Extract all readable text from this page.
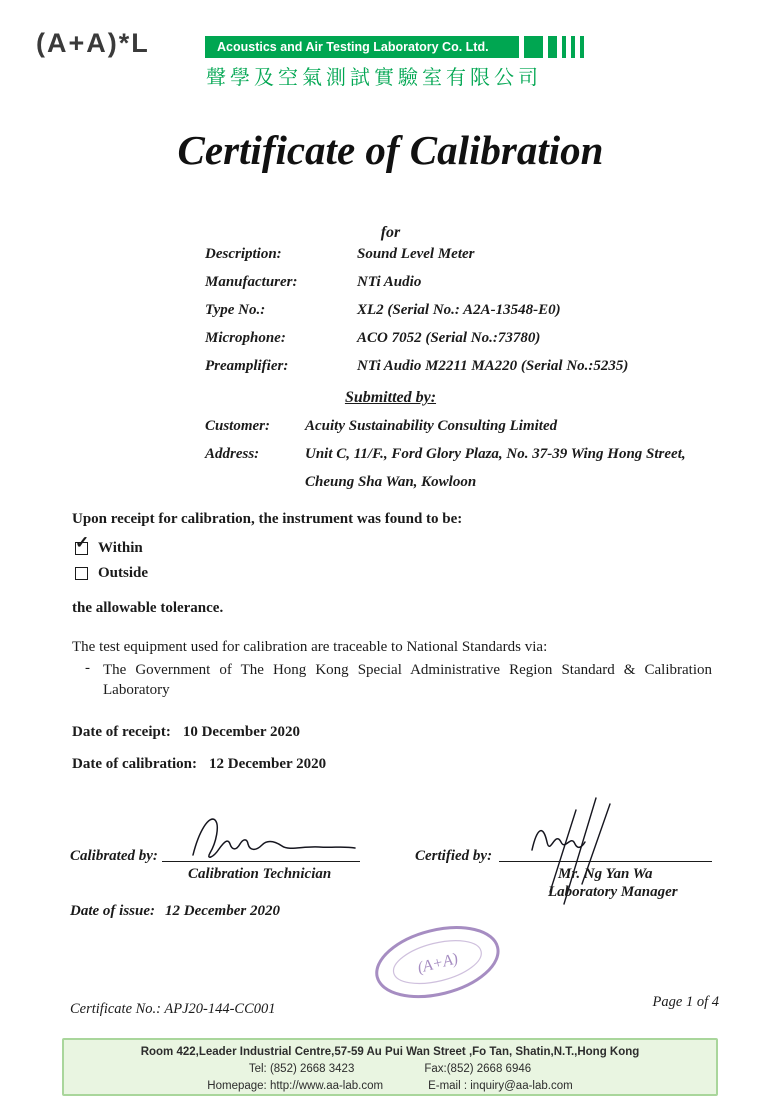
(A+A)*L	Acoustics and Air Testing Laboratory Co. Ltd.
聲學及空氣測試實驗室有限公司
Certificate of Calibration
for
Description:	Sound Level Meter
Manufacturer:	NTi Audio
Type No.:	XL2 (Serial No.: A2A-13548-E0)
Microphone:	ACO 7052 (Serial No.:73780)
Preamplifier:	NTi Audio M2211 MA220 (Serial No.:5235)
Submitted by:
Customer:	Acuity Sustainability Consulting Limited
Address:	Unit C, 11/F., Ford Glory Plaza, No. 37-39 Wing Hong Street,
Cheung Sha Wan, Kowloon
Upon receipt for calibration, the instrument was found to be:
✓ Within
Outside
the allowable tolerance.
The test equipment used for calibration are traceable to National Standards via:
- The Government of The Hong Kong Special Administrative Region Standard & Calibration Laboratory
Date of receipt: 10 December 2020
Date of calibration: 12 December 2020
Calibrated by:
Calibration Technician
Certified by:
Mr. Ng Yan Wa
Laboratory Manager
Date of issue: 12 December 2020
(A+A)
Certificate No.: APJ20-144-CC001	Page 1 of 4
Room 422,Leader Industrial Centre,57-59 Au Pui Wan Street ,Fo Tan, Shatin,N.T.,Hong Kong
Tel: (852) 2668 3423	Fax:(852) 2668 6946
Homepage: http://www.aa-lab.com	E-mail : inquiry@aa-lab.com
